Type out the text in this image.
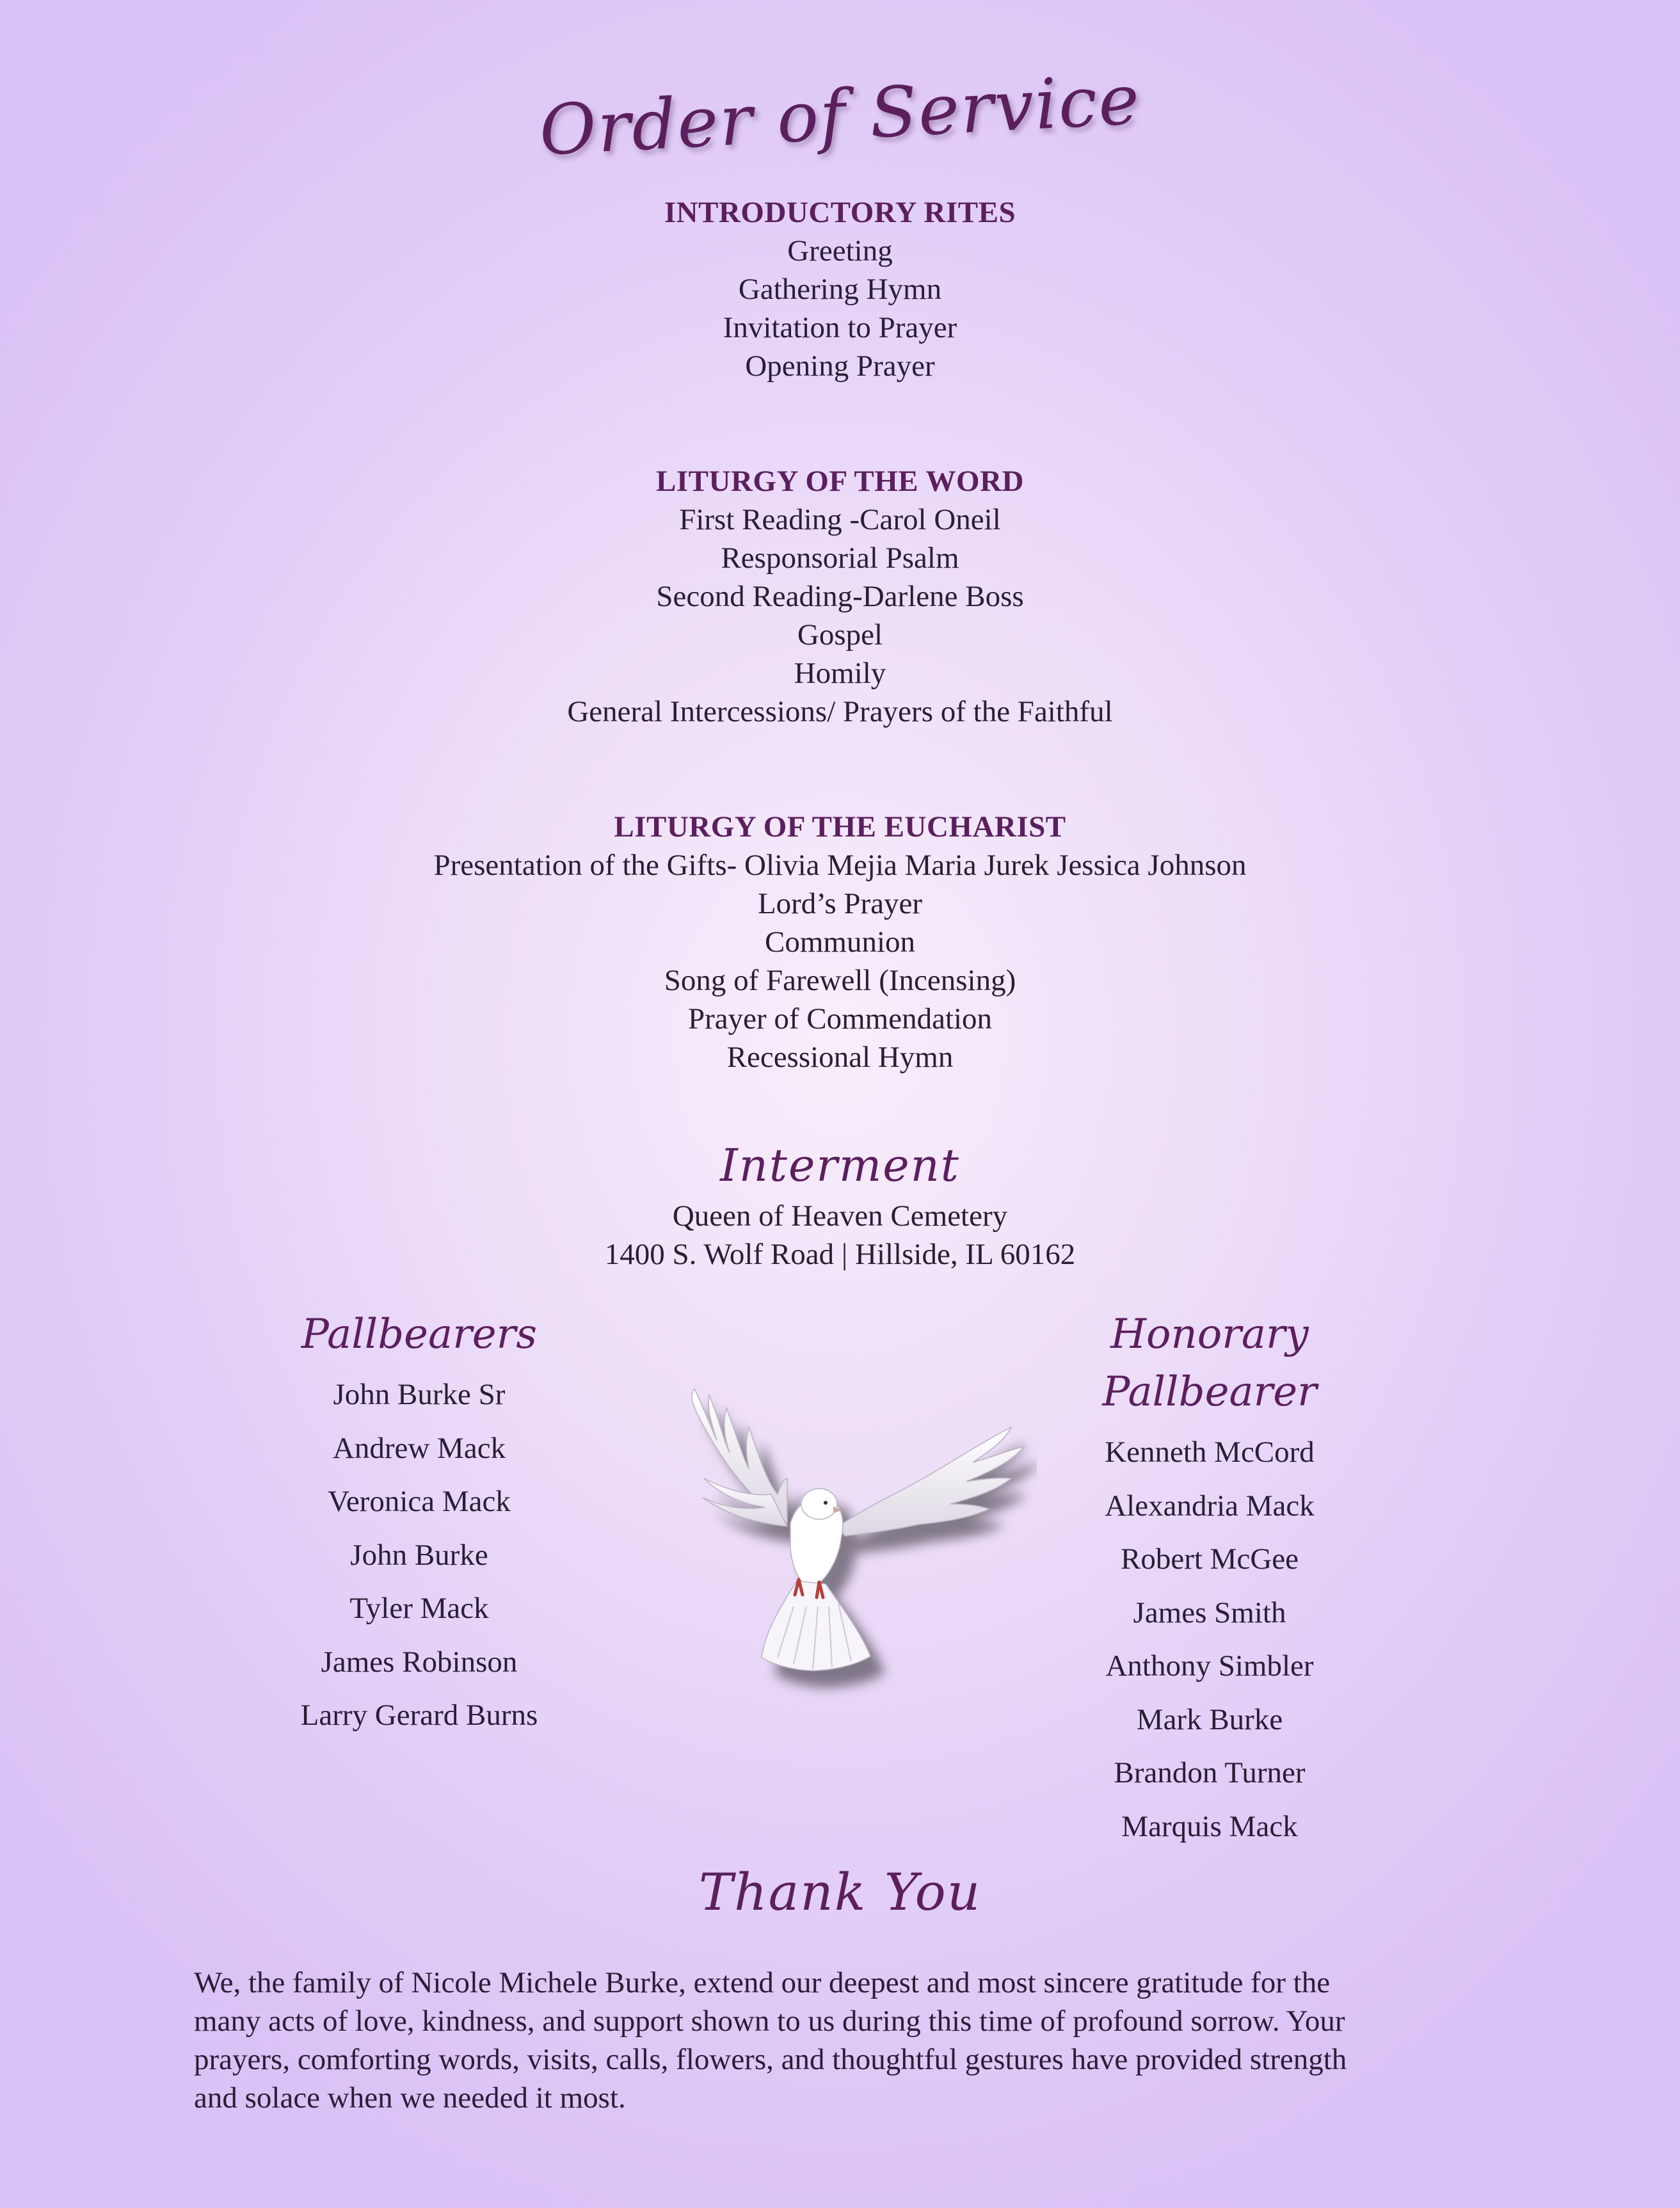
Order of Service
INTRODUCTORY RITES
Greeting
Gathering Hymn
Invitation to Prayer
Opening Prayer
LITURGY OF THE WORD
First Reading -Carol Oneil
Responsorial Psalm
Second Reading-Darlene Boss
Gospel
Homily
General Intercessions/ Prayers of the Faithful
LITURGY OF THE EUCHARIST
Presentation of the Gifts- Olivia Mejia Maria Jurek Jessica Johnson
Lord’s Prayer
Communion
Song of Farewell (Incensing)
Prayer of Commendation
Recessional Hymn
Interment
Queen of Heaven Cemetery
1400 S. Wolf Road | Hillside, IL 60162
Pallbearers
John Burke Sr
Andrew Mack
Veronica Mack
John Burke
Tyler Mack
James Robinson
Larry Gerard Burns
Honorary Pallbearer
Kenneth McCord
Alexandria Mack
Robert McGee
James Smith
Anthony Simbler
Mark Burke
Brandon Turner
Marquis Mack
Thank You
We, the family of Nicole Michele Burke, extend our deepest and most sincere gratitude for the
many acts of love, kindness, and support shown to us during this time of profound sorrow. Your
prayers, comforting words, visits, calls, flowers, and thoughtful gestures have provided strength
and solace when we needed it most.
